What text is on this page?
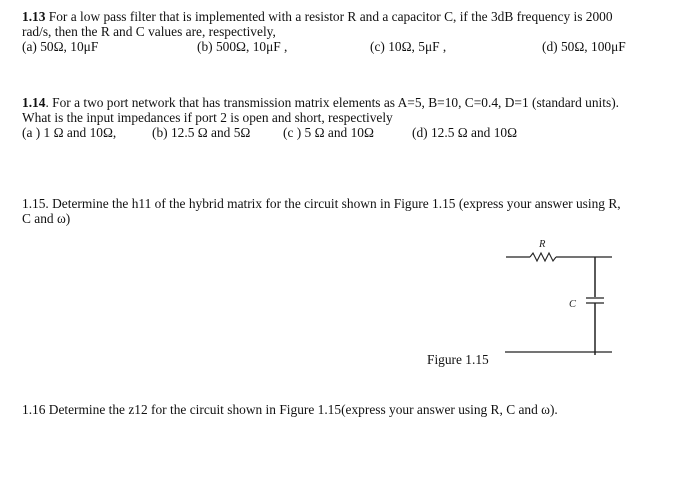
1.13 For a low pass filter that is implemented with a resistor R and a capacitor C, if the 3dB frequency is 2000
rad/s, then the R and C values are, respectively,
(a) 50Ω, 10μF	(b) 500Ω, 10μF ,	(c) 10Ω, 5μF ,	(d) 50Ω, 100μF
1.14. For a two port network that has transmission matrix elements as A=5, B=10, C=0.4, D=1 (standard units).
What is the input impedances if port 2 is open and short, respectively
(a ) 1 Ω and 10Ω,	(b) 12.5 Ω and 5Ω (c ) 5 Ω and 10Ω	(d) 12.5 Ω and 10Ω
1.15. Determine the h11 of the hybrid matrix for the circuit shown in Figure 1.15 (express your answer using R,
C and ω)
R
C
Figure 1.15
1.16 Determine the z12 for the circuit shown in Figure 1.15(express your answer using R, C and ω).
